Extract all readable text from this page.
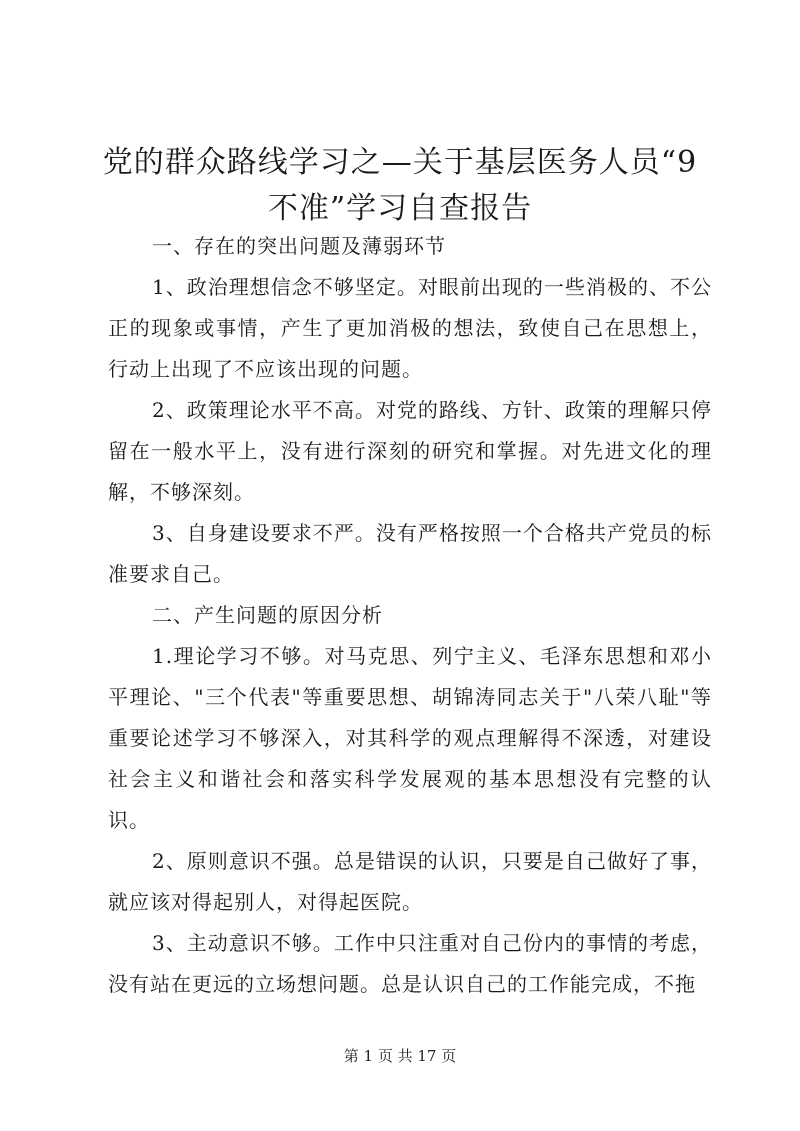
党的群众路线学习之—关于基层医务人员“9
不准”学习自查报告

一、存在的突出问题及薄弱环节

1、政治理想信念不够坚定。对眼前出现的一些消极的、不公正的现象或事情，产生了更加消极的想法，致使自己在思想上，行动上出现了不应该出现的问题。

2、政策理论水平不高。对党的路线、方针、政策的理解只停留在一般水平上，没有进行深刻的研究和掌握。对先进文化的理解，不够深刻。

3、自身建设要求不严。没有严格按照一个合格共产党员的标准要求自己。

二、产生问题的原因分析

1.理论学习不够。对马克思、列宁主义、毛泽东思想和邓小平理论、"三个代表"等重要思想、胡锦涛同志关于"八荣八耻"等重要论述学习不够深入，对其科学的观点理解得不深透，对建设社会主义和谐社会和落实科学发展观的基本思想没有完整的认识。

2、原则意识不强。总是错误的认识，只要是自己做好了事，就应该对得起别人，对得起医院。

3、主动意识不够。工作中只注重对自己份内的事情的考虑，没有站在更远的立场想问题。总是认识自己的工作能完成，不拖

第 1 页 共 17 页
